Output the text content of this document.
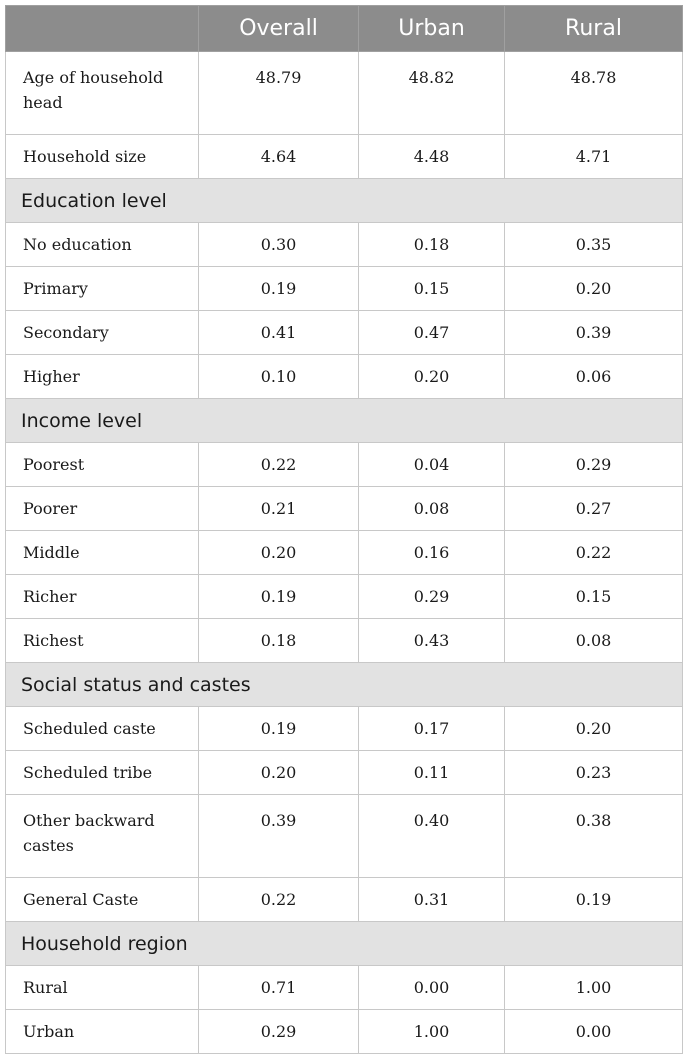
	Overall	Urban	Rural
Age of household head	48.79	48.82	48.78
Household size	4.64	4.48	4.71
Education level			
No education	0.30	0.18	0.35
Primary	0.19	0.15	0.20
Secondary	0.41	0.47	0.39
Higher	0.10	0.20	0.06
Income level			
Poorest	0.22	0.04	0.29
Poorer	0.21	0.08	0.27
Middle	0.20	0.16	0.22
Richer	0.19	0.29	0.15
Richest	0.18	0.43	0.08
Social status and castes			
Scheduled caste	0.19	0.17	0.20
Scheduled tribe	0.20	0.11	0.23
Other backward castes	0.39	0.40	0.38
General Caste	0.22	0.31	0.19
Household region			
Rural	0.71	0.00	1.00
Urban	0.29	1.00	0.00
